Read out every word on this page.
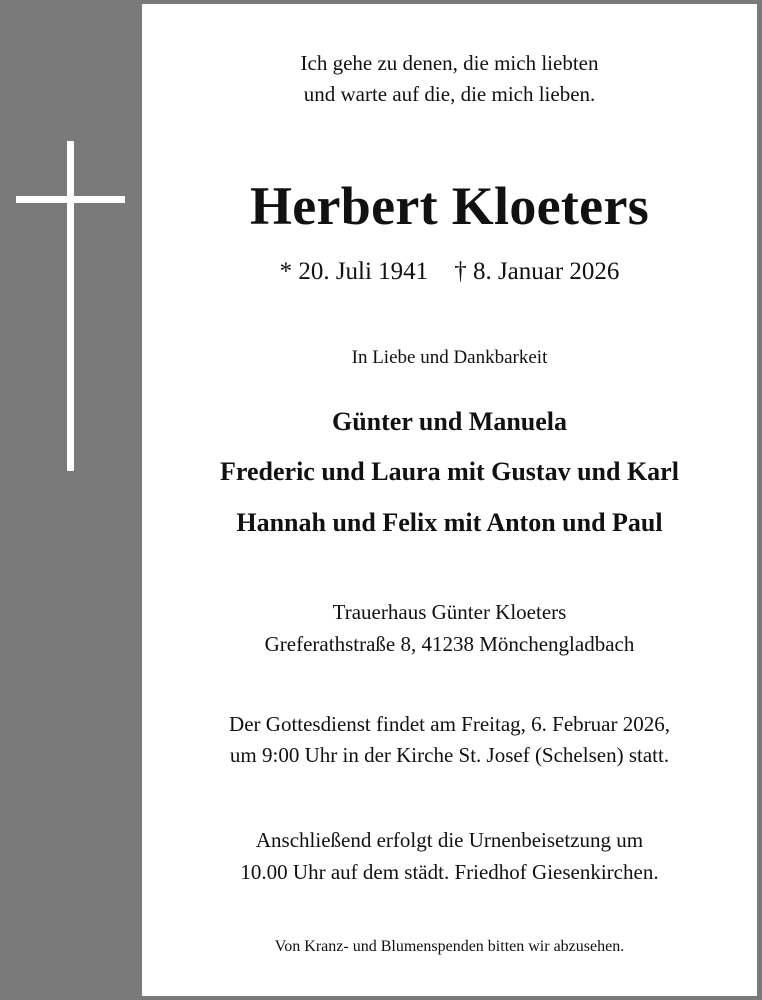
Ich gehe zu denen, die mich liebten
und warte auf die, die mich lieben.
Herbert Kloeters
* 20. Juli 1941 † 8. Januar 2026
In Liebe und Dankbarkeit
Günter und Manuela
Frederic und Laura mit Gustav und Karl
Hannah und Felix mit Anton und Paul
Trauerhaus Günter Kloeters
Greferathstraße 8, 41238 Mönchengladbach
Der Gottesdienst findet am Freitag, 6. Februar 2026,
um 9:00 Uhr in der Kirche St. Josef (Schelsen) statt.
Anschließend erfolgt die Urnenbeisetzung um
10.00 Uhr auf dem städt. Friedhof Giesenkirchen.
Von Kranz- und Blumenspenden bitten wir abzusehen.
